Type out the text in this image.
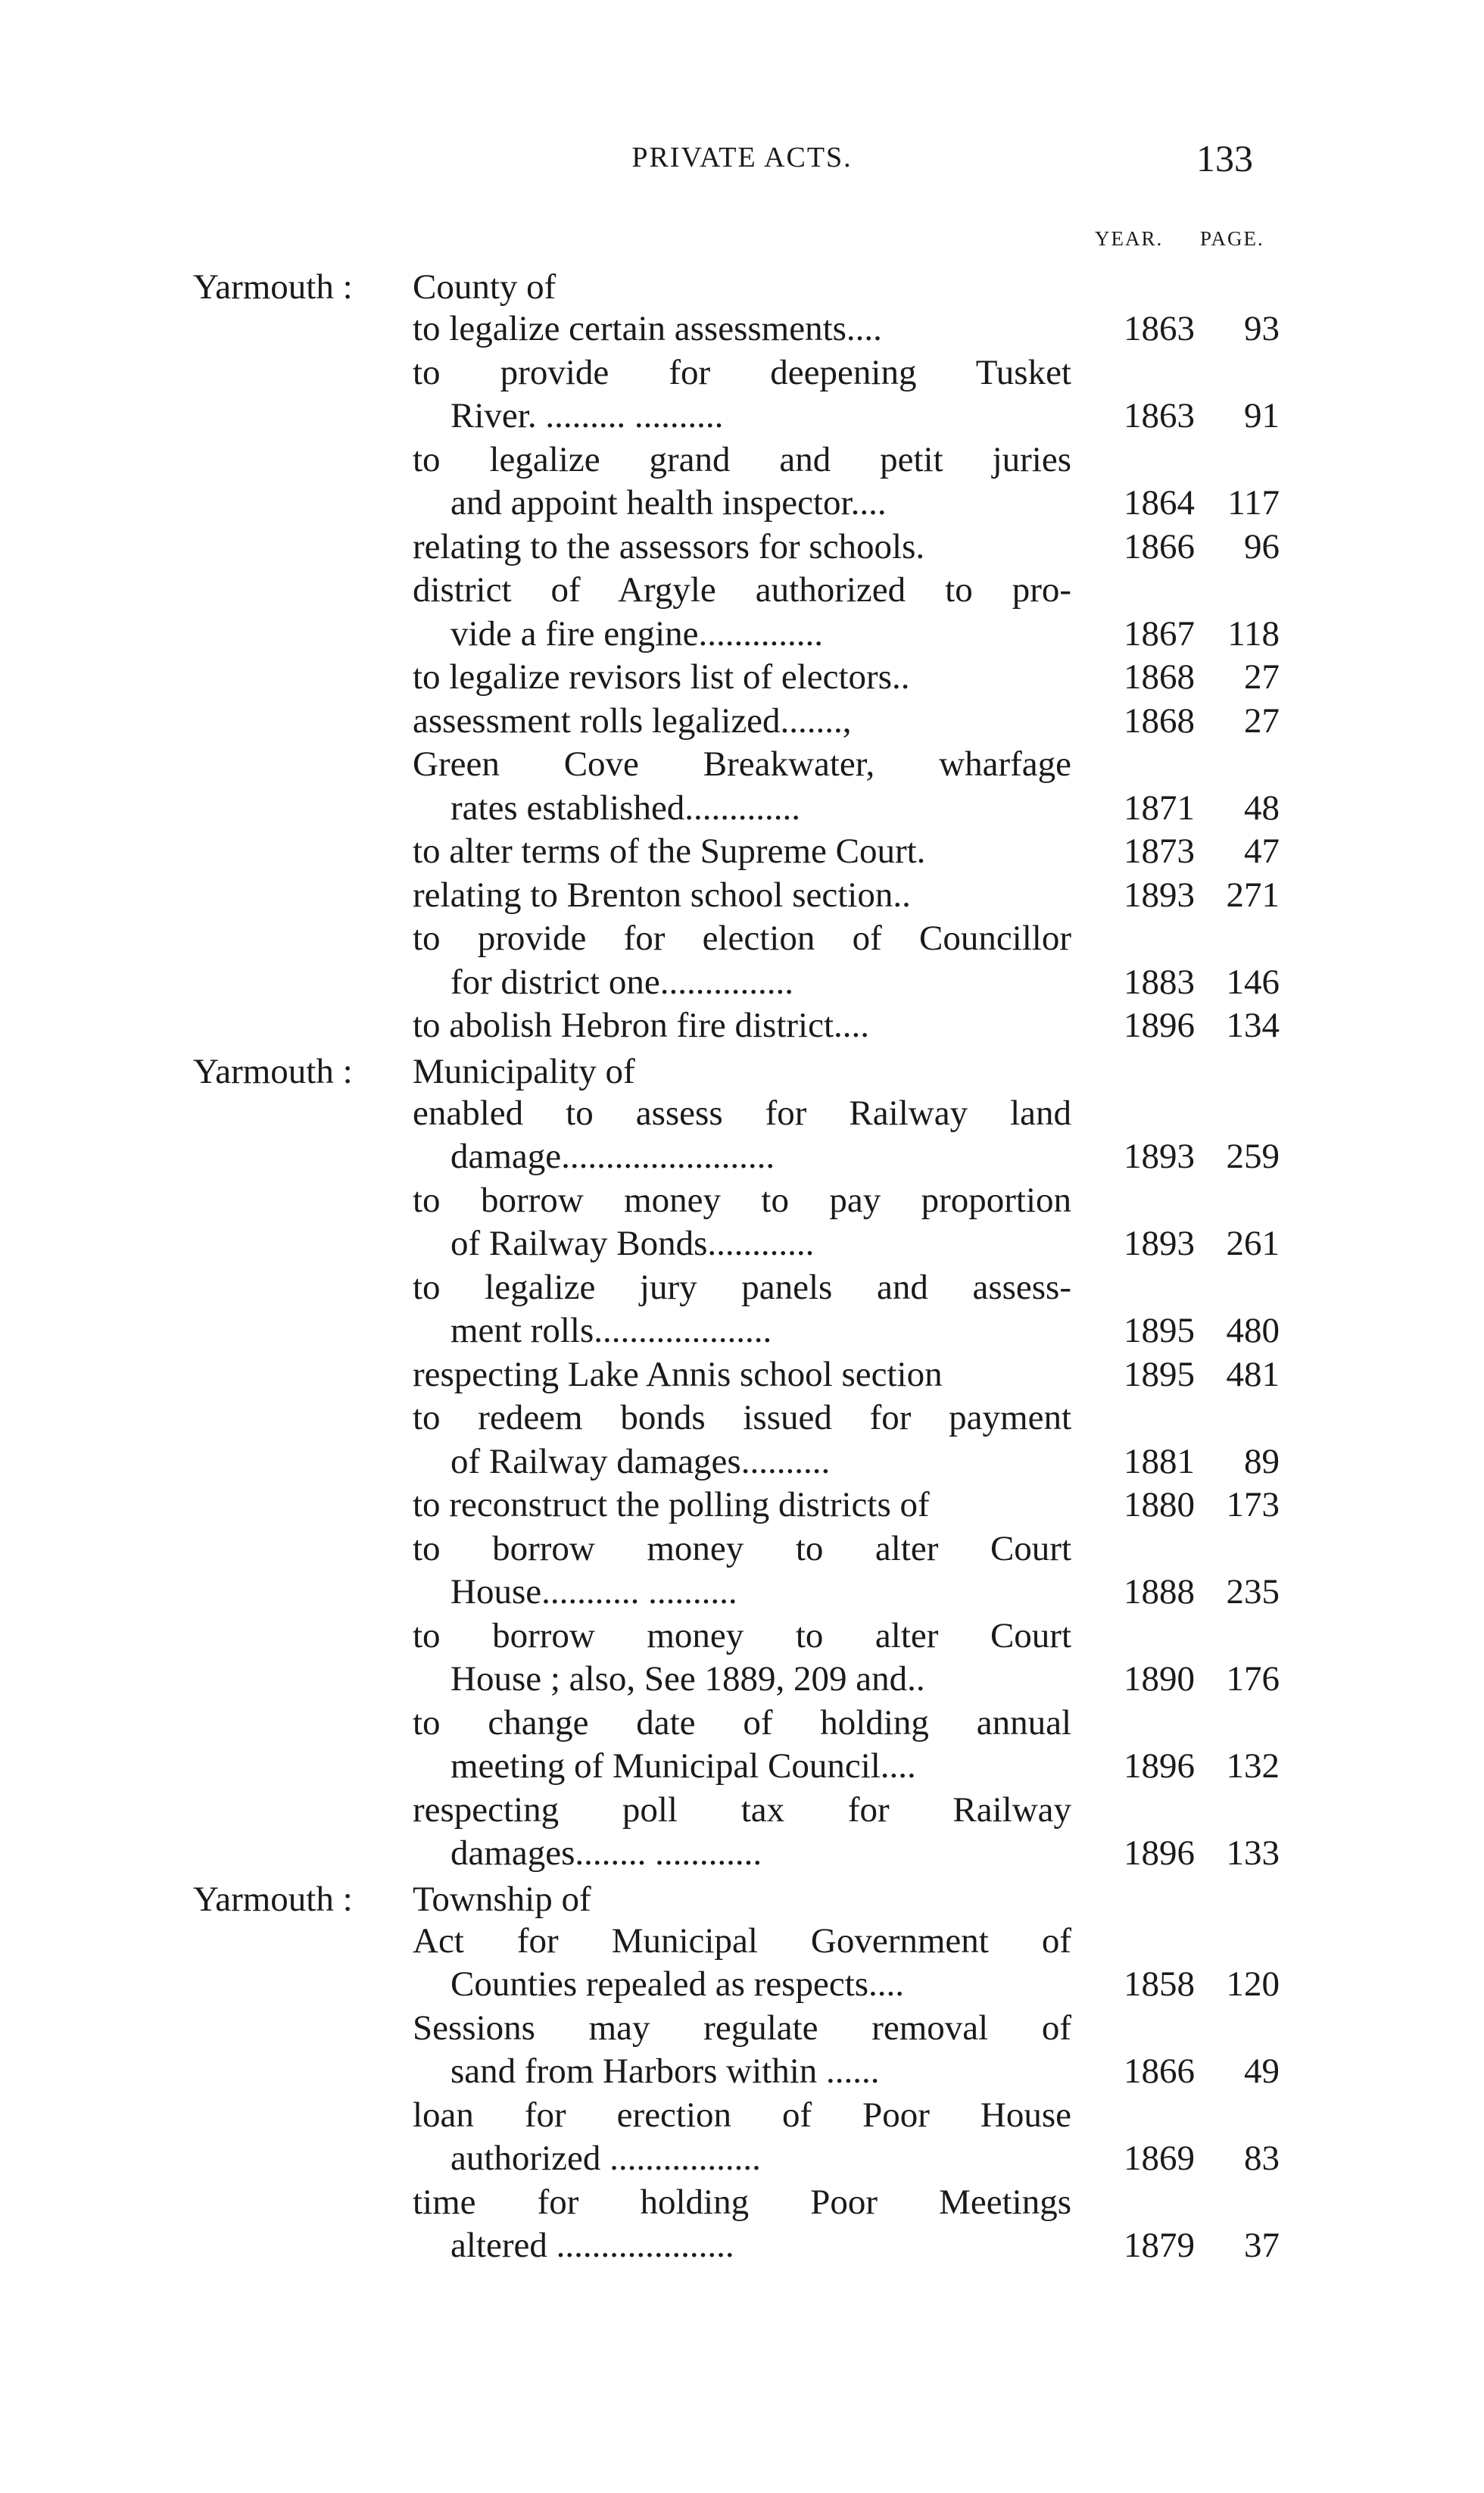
PRIVATE ACTS.	133
YEAR. PAGE.
Yarmouth : County of
to legalize certain assessments....	1863	93
to provide for deepening Tusket
River. ......... ..........	1863	91
to legalize grand and petit juries
and appoint health inspector....	1864 117
relating to the assessors for schools.	1866	96
district of Argyle authorized to pro-
vide a fire engine..............	1867 118
to legalize revisors list of electors..	1868	27
assessment rolls legalized.......,	1868	27
Green Cove Breakwater, wharfage
rates established.............	1871	48
to alter terms of the Supreme Court.	1873	47
relating to Brenton school section..	1893 271
to provide for election of Councillor
for district one...............	1883 146
to abolish Hebron fire district....	1896 134
Yarmouth : Municipality of
enabled to assess for Railway land
damage........................	1893 259
to borrow money to pay proportion
of Railway Bonds............	1893 261
to legalize jury panels and assess-
ment rolls....................	1895 480
respecting Lake Annis school section	1895 481
to redeem bonds issued for payment
of Railway damages..........	1881	89
to reconstruct the polling districts of	1880 173
to borrow money to alter Court
House........... ..........	1888 235
to borrow money to alter Court
House ; also, See 1889, 209 and..	1890 176
to change date of holding annual
meeting of Municipal Council....	1896 132
respecting poll tax for Railway
damages........ ............	1896 133
Yarmouth : Township of
Act for Municipal Government of
Counties repealed as respects....	1858 120
Sessions may regulate removal of
sand from Harbors within ......	1866	49
loan for erection of Poor House
authorized .................	1869	83
time for holding Poor Meetings
altered ....................	1879	37
